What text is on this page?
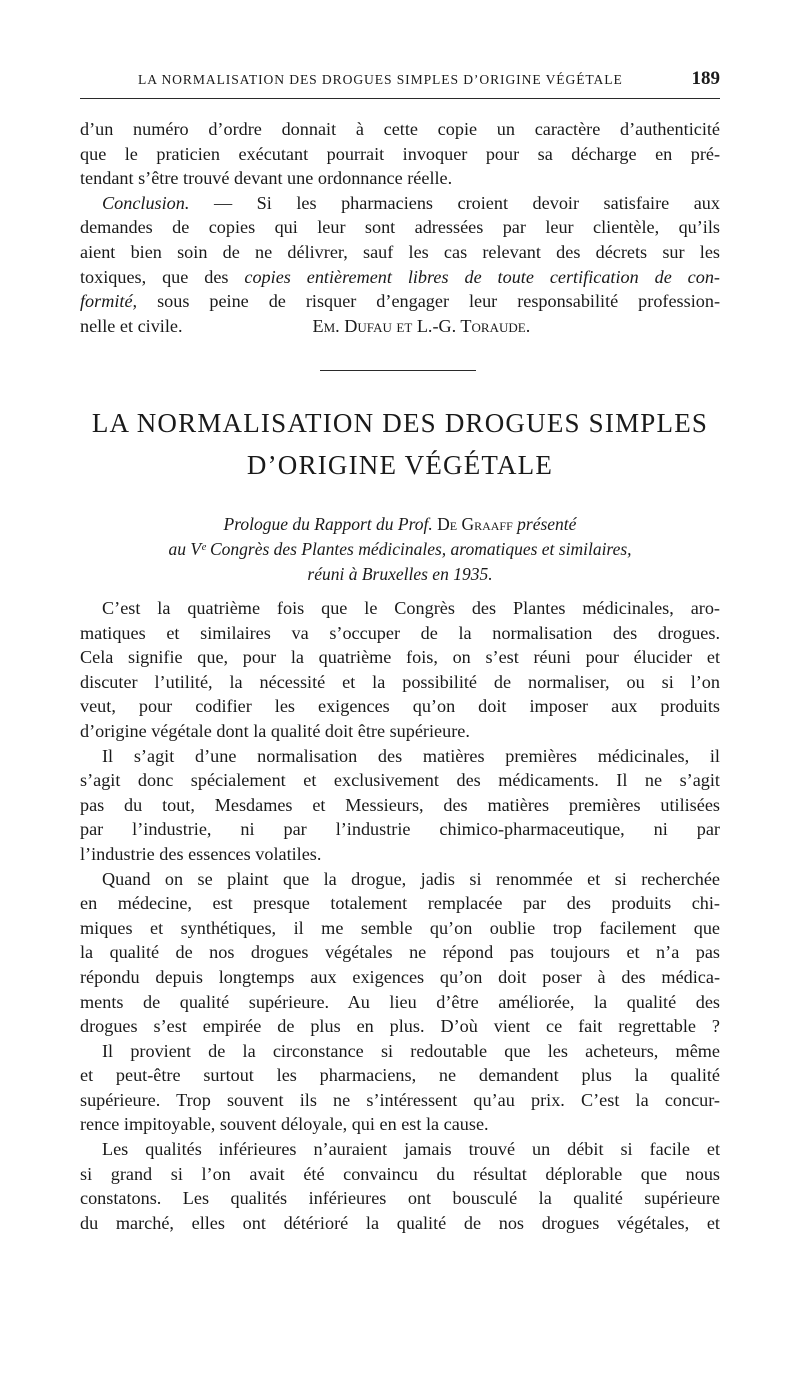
LA NORMALISATION DES DROGUES SIMPLES D’ORIGINE VÉGÉTALE	189
d’un numéro d’ordre donnait à cette copie un caractère d’authenticité
que le praticien exécutant pourrait invoquer pour sa décharge en pré-
tendant s’être trouvé devant une ordonnance réelle.
Conclusion. — Si les pharmaciens croient devoir satisfaire aux
demandes de copies qui leur sont adressées par leur clientèle, qu’ils
aient bien soin de ne délivrer, sauf les cas relevant des décrets sur les
toxiques, que des copies entièrement libres de toute certification de con-
formité, sous peine de risquer d’engager leur responsabilité profession-
nelle et civile.	Em. Dufau et L.-G. Toraude.
LA NORMALISATION DES DROGUES SIMPLES
D’ORIGINE VÉGÉTALE
Prologue du Rapport du Prof. De Graaff présenté
au Vᵉ Congrès des Plantes médicinales, aromatiques et similaires,
réuni à Bruxelles en 1935.
C’est la quatrième fois que le Congrès des Plantes médicinales, aro-
matiques et similaires va s’occuper de la normalisation des drogues.
Cela signifie que, pour la quatrième fois, on s’est réuni pour élucider et
discuter l’utilité, la nécessité et la possibilité de normaliser, ou si l’on
veut, pour codifier les exigences qu’on doit imposer aux produits
d’origine végétale dont la qualité doit être supérieure.
Il s’agit d’une normalisation des matières premières médicinales, il
s’agit donc spécialement et exclusivement des médicaments. Il ne s’agit
pas du tout, Mesdames et Messieurs, des matières premières utilisées
par l’industrie, ni par l’industrie chimico-pharmaceutique, ni par
l’industrie des essences volatiles.
Quand on se plaint que la drogue, jadis si renommée et si recherchée
en médecine, est presque totalement remplacée par des produits chi-
miques et synthétiques, il me semble qu’on oublie trop facilement que
la qualité de nos drogues végétales ne répond pas toujours et n’a pas
répondu depuis longtemps aux exigences qu’on doit poser à des médica-
ments de qualité supérieure. Au lieu d’être améliorée, la qualité des
drogues s’est empirée de plus en plus. D’où vient ce fait regrettable ?
Il provient de la circonstance si redoutable que les acheteurs, même
et peut-être surtout les pharmaciens, ne demandent plus la qualité
supérieure. Trop souvent ils ne s’intéressent qu’au prix. C’est la concur-
rence impitoyable, souvent déloyale, qui en est la cause.
Les qualités inférieures n’auraient jamais trouvé un débit si facile et
si grand si l’on avait été convaincu du résultat déplorable que nous
constatons. Les qualités inférieures ont bousculé la qualité supérieure
du marché, elles ont détérioré la qualité de nos drogues végétales, et
